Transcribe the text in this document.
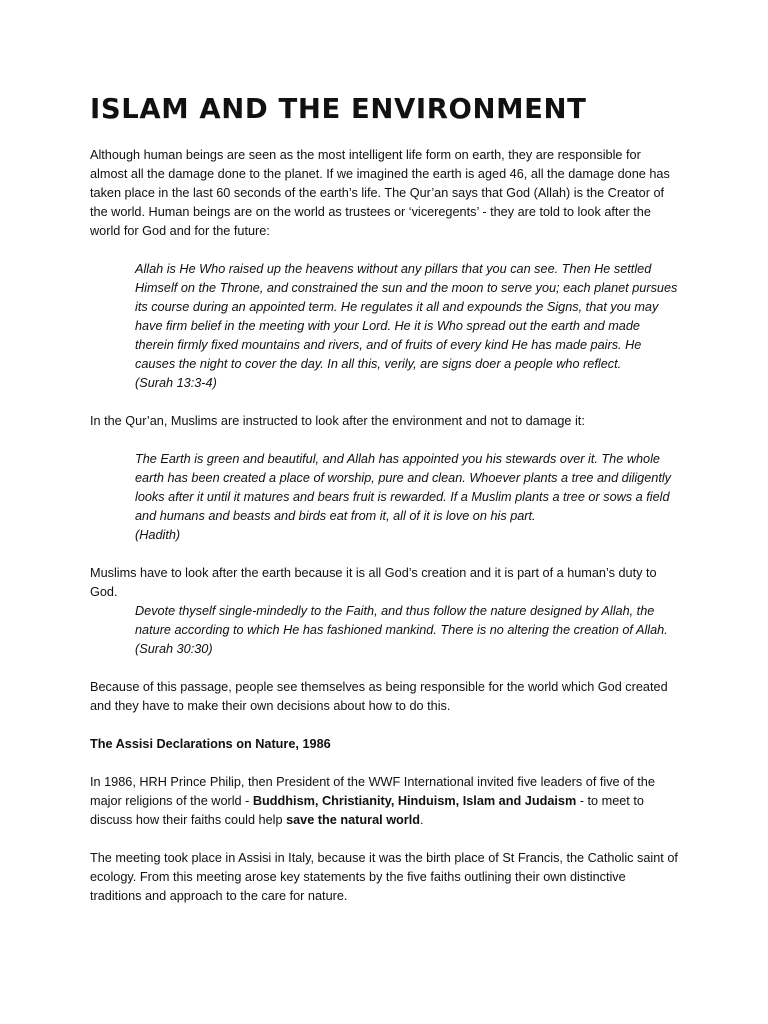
ISLAM AND THE ENVIRONMENT

Although human beings are seen as the most intelligent life form on earth, they are responsible for almost all the damage done to the planet. If we imagined the earth is aged 46, all the damage done has taken place in the last 60 seconds of the earth’s life. The Qur’an says that God (Allah) is the Creator of the world. Human beings are on the world as trustees or ‘viceregents’ - they are told to look after the world for God and for the future:

Allah is He Who raised up the heavens without any pillars that you can see. Then He settled Himself on the Throne, and constrained the sun and the moon to serve you; each planet pursues its course during an appointed term. He regulates it all and expounds the Signs, that you may have firm belief in the meeting with your Lord. He it is Who spread out the earth and made therein firmly fixed mountains and rivers, and of fruits of every kind He has made pairs. He causes the night to cover the day. In all this, verily, are signs doer a people who reflect.
(Surah 13:3-4)

In the Qur’an, Muslims are instructed to look after the environment and not to damage it:

The Earth is green and beautiful, and Allah has appointed you his stewards over it. The whole earth has been created a place of worship, pure and clean. Whoever plants a tree and diligently looks after it until it matures and bears fruit is rewarded. If a Muslim plants a tree or sows a field and humans and beasts and birds eat from it, all of it is love on his part.
(Hadith)

Muslims have to look after the earth because it is all God’s creation and it is part of a human’s duty to God.

Devote thyself single-mindedly to the Faith, and thus follow the nature designed by Allah, the nature according to which He has fashioned mankind. There is no altering the creation of Allah.
(Surah 30:30)

Because of this passage, people see themselves as being responsible for the world which God created and they have to make their own decisions about how to do this.

The Assisi Declarations on Nature, 1986

In 1986, HRH Prince Philip, then President of the WWF International invited five leaders of five of the major religions of the world - Buddhism, Christianity, Hinduism, Islam and Judaism - to meet to discuss how their faiths could help save the natural world.

The meeting took place in Assisi in Italy, because it was the birth place of St Francis, the Catholic saint of ecology. From this meeting arose key statements by the five faiths outlining their own distinctive traditions and approach to the care for nature.
